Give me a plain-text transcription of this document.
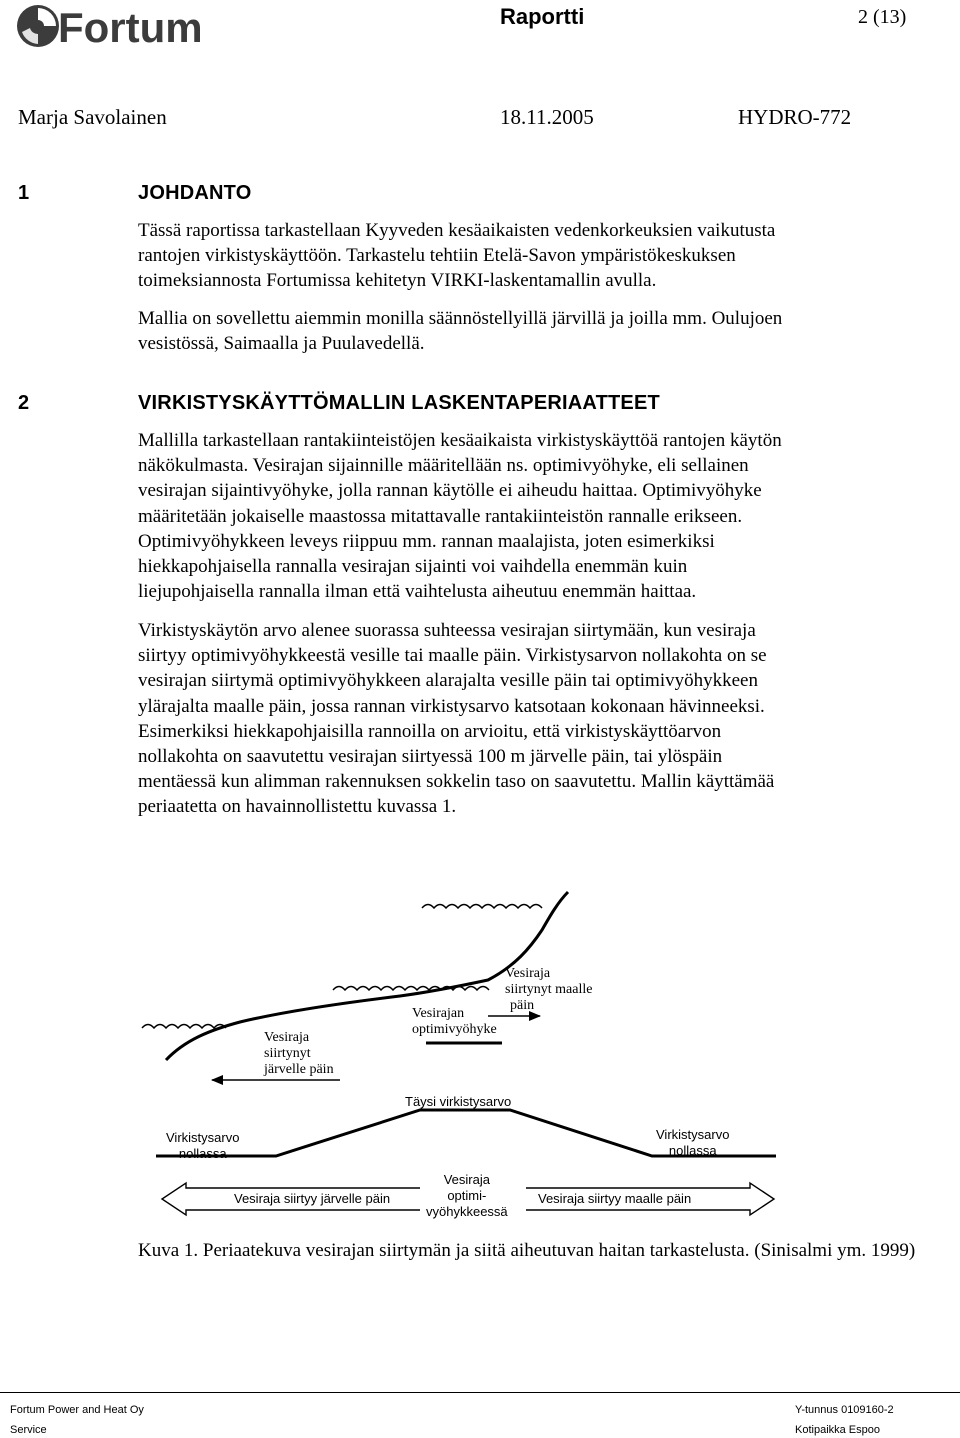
Fortum	Raportti	2 (13)
Marja Savolainen	18.11.2005	HYDRO-772
1	JOHDANTO
Tässä raportissa tarkastellaan Kyyveden kesäaikaisten vedenkorkeuksien vaikutusta
rantojen virkistyskäyttöön. Tarkastelu tehtiin Etelä-Savon ympäristökeskuksen
toimeksiannosta Fortumissa kehitetyn VIRKI-laskentamallin avulla.
Mallia on sovellettu aiemmin monilla säännöstellyillä järvillä ja joilla mm. Oulujoen
vesistössä, Saimaalla ja Puulavedellä.
2	VIRKISTYSKÄYTTÖMALLIN LASKENTAPERIAATTEET
Mallilla tarkastellaan rantakiinteistöjen kesäaikaista virkistyskäyttöä rantojen käytön
näkökulmasta. Vesirajan sijainnille määritellään ns. optimivyöhyke, eli sellainen
vesirajan sijaintivyöhyke, jolla rannan käytölle ei aiheudu haittaa. Optimivyöhyke
määritetään jokaiselle maastossa mitattavalle rantakiinteistön rannalle erikseen.
Optimivyöhykkeen leveys riippuu mm. rannan maalajista, joten esimerkiksi
hiekkapohjaisella rannalla vesirajan sijainti voi vaihdella enemmän kuin
liejupohjaisella rannalla ilman että vaihtelusta aiheutuu enemmän haittaa.
Virkistyskäytön arvo alenee suorassa suhteessa vesirajan siirtymään, kun vesiraja
siirtyy optimivyöhykkeestä vesille tai maalle päin. Virkistysarvon nollakohta on se
vesirajan siirtymä optimivyöhykkeen alarajalta vesille päin tai optimivyöhykkeen
ylärajalta maalle päin, jossa rannan virkistysarvo katsotaan kokonaan hävinneeksi.
Esimerkiksi hiekkapohjaisilla rannoilla on arvioitu, että virkistyskäyttöarvon
nollakohta on saavutettu vesirajan siirtyessä 100 m järvelle päin, tai ylöspäin
mentäessä kun alimman rakennuksen sokkelin taso on saavutettu. Mallin käyttämää
periaatetta on havainnollistettu kuvassa 1.
Vesiraja
siirtynyt maalle
päin
Vesirajan
optimivyöhyke
Vesiraja
siirtynyt
järvelle päin
Täysi virkistysarvo
Virkistysarvo
nollassa
Virkistysarvo
nollassa
Vesiraja siirtyy järvelle päin
Vesiraja
optimi-
vyöhykkeessä
Vesiraja siirtyy maalle päin
Kuva 1. Periaatekuva vesirajan siirtymän ja siitä aiheutuvan haitan tarkastelusta. (Sinisalmi ym. 1999)
Fortum Power and Heat Oy
Service
Y-tunnus 0109160-2
Kotipaikka Espoo
